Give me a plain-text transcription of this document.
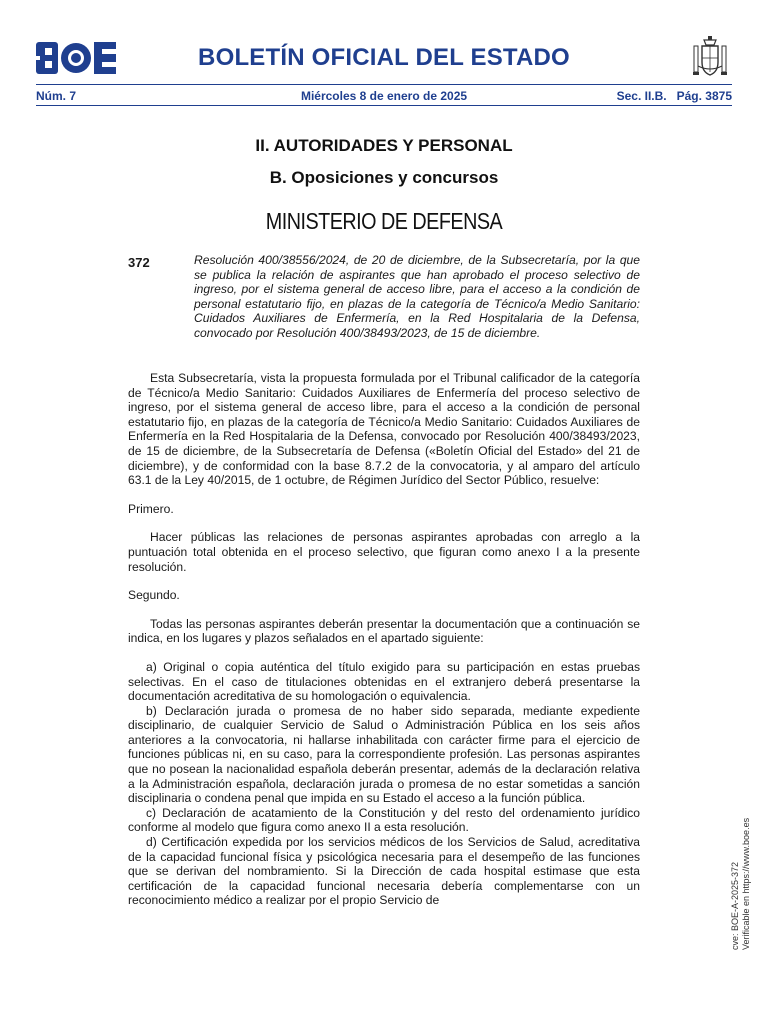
BOLETÍN OFICIAL DEL ESTADO
Núm. 7	Miércoles 8 de enero de 2025	Sec. II.B. Pág. 3875
II. AUTORIDADES Y PERSONAL
B. Oposiciones y concursos
MINISTERIO DE DEFENSA
372	Resolución 400/38556/2024, de 20 de diciembre, de la Subsecretaría, por la que se publica la relación de aspirantes que han aprobado el proceso selectivo de ingreso, por el sistema general de acceso libre, para el acceso a la condición de personal estatutario fijo, en plazas de la categoría de Técnico/a Medio Sanitario: Cuidados Auxiliares de Enfermería, en la Red Hospitalaria de la Defensa, convocado por Resolución 400/38493/2023, de 15 de diciembre.

Esta Subsecretaría, vista la propuesta formulada por el Tribunal calificador de la categoría de Técnico/a Medio Sanitario: Cuidados Auxiliares de Enfermería del proceso selectivo de ingreso, por el sistema general de acceso libre, para el acceso a la condición de personal estatutario fijo, en plazas de la categoría de Técnico/a Medio Sanitario: Cuidados Auxiliares de Enfermería en la Red Hospitalaria de la Defensa, convocado por Resolución 400/38493/2023, de 15 de diciembre, de la Subsecretaría de Defensa («Boletín Oficial del Estado» del 21 de diciembre), y de conformidad con la base 8.7.2 de la convocatoria, y al amparo del artículo 63.1 de la Ley 40/2015, de 1 octubre, de Régimen Jurídico del Sector Público, resuelve:

Primero.

Hacer públicas las relaciones de personas aspirantes aprobadas con arreglo a la puntuación total obtenida en el proceso selectivo, que figuran como anexo I a la presente resolución.

Segundo.

Todas las personas aspirantes deberán presentar la documentación que a continuación se indica, en los lugares y plazos señalados en el apartado siguiente:

a) Original o copia auténtica del título exigido para su participación en estas pruebas selectivas. En el caso de titulaciones obtenidas en el extranjero deberá presentarse la documentación acreditativa de su homologación o equivalencia.

b) Declaración jurada o promesa de no haber sido separada, mediante expediente disciplinario, de cualquier Servicio de Salud o Administración Pública en los seis años anteriores a la convocatoria, ni hallarse inhabilitada con carácter firme para el ejercicio de funciones públicas ni, en su caso, para la correspondiente profesión. Las personas aspirantes que no posean la nacionalidad española deberán presentar, además de la declaración relativa a la Administración española, declaración jurada o promesa de no estar sometidas a sanción disciplinaria o condena penal que impida en su Estado el acceso a la función pública.

c) Declaración de acatamiento de la Constitución y del resto del ordenamiento jurídico conforme al modelo que figura como anexo II a esta resolución.

d) Certificación expedida por los servicios médicos de los Servicios de Salud, acreditativa de la capacidad funcional física y psicológica necesaria para el desempeño de las funciones que se derivan del nombramiento. Si la Dirección de cada hospital estimase que esta certificación de la capacidad funcional necesaria debería complementarse con un reconocimiento médico a realizar por el propio Servicio de	cve: BOE-A-2025-372 Verificable en https://www.boe.es
